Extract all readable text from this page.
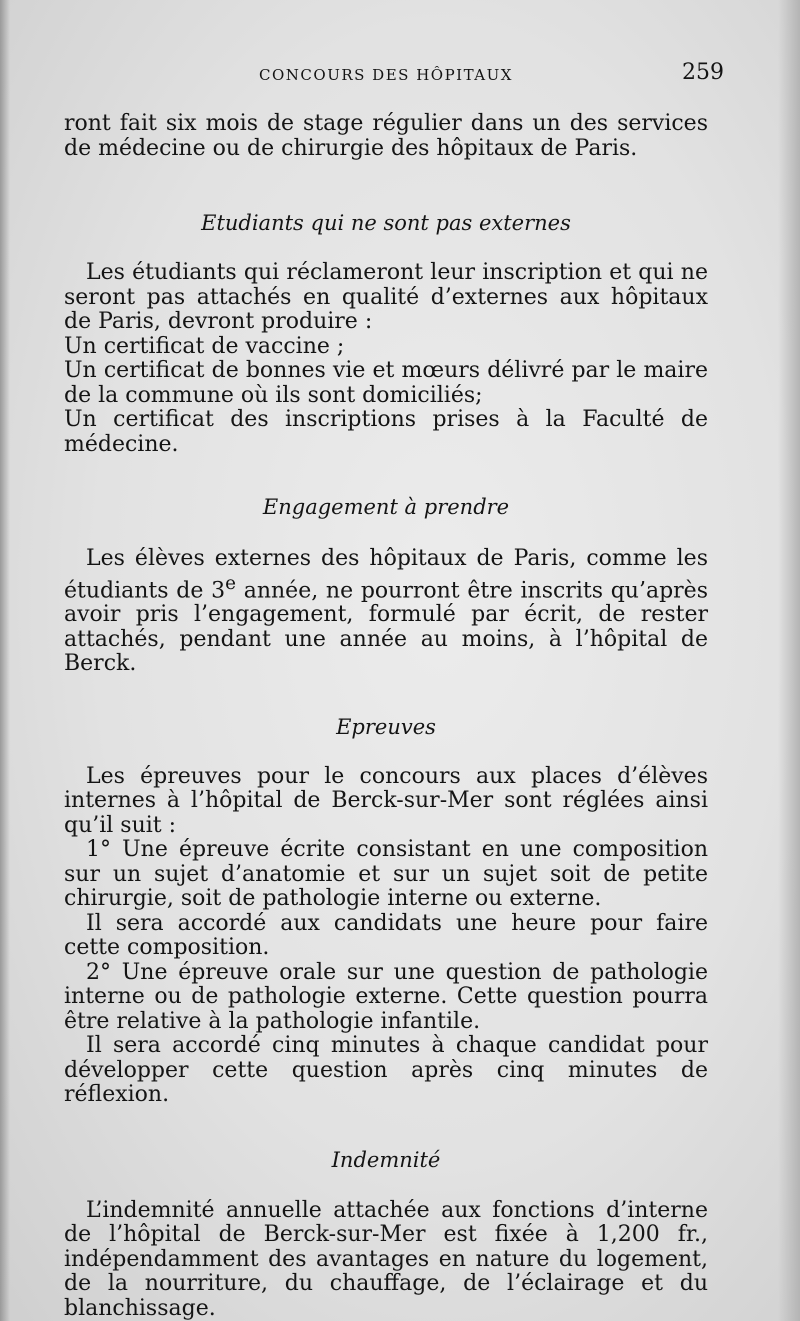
CONCOURS DES HÔPITAUX	259

ront fait six mois de stage régulier dans un des services de médecine ou de chirurgie des hôpitaux de Paris.

Etudiants qui ne sont pas externes

Les étudiants qui réclameront leur inscription et qui ne seront pas attachés en qualité d’externes aux hôpitaux de Paris, devront produire :

Un certificat de vaccine ;

Un certificat de bonnes vie et mœurs délivré par le maire de la commune où ils sont domiciliés;

Un certificat des inscriptions prises à la Faculté de médecine.

Engagement à prendre

Les élèves externes des hôpitaux de Paris, comme les étudiants de 3e année, ne pourront être inscrits qu’après avoir pris l’engagement, formulé par écrit, de rester attachés, pendant une année au moins, à l’hôpital de Berck.

Epreuves

Les épreuves pour le concours aux places d’élèves internes à l’hôpital de Berck-sur-Mer sont réglées ainsi qu’il suit :

1° Une épreuve écrite consistant en une composition sur un sujet d’anatomie et sur un sujet soit de petite chirurgie, soit de pathologie interne ou externe.

Il sera accordé aux candidats une heure pour faire cette composition.

2° Une épreuve orale sur une question de pathologie interne ou de pathologie externe. Cette question pourra être relative à la pathologie infantile.

Il sera accordé cinq minutes à chaque candidat pour développer cette question après cinq minutes de réflexion.

Indemnité

L’indemnité annuelle attachée aux fonctions d’interne de l’hôpital de Berck-sur-Mer est fixée à 1,200 fr., indépendamment des avantages en nature du logement, de la nourriture, du chauffage, de l’éclairage et du blanchissage.
